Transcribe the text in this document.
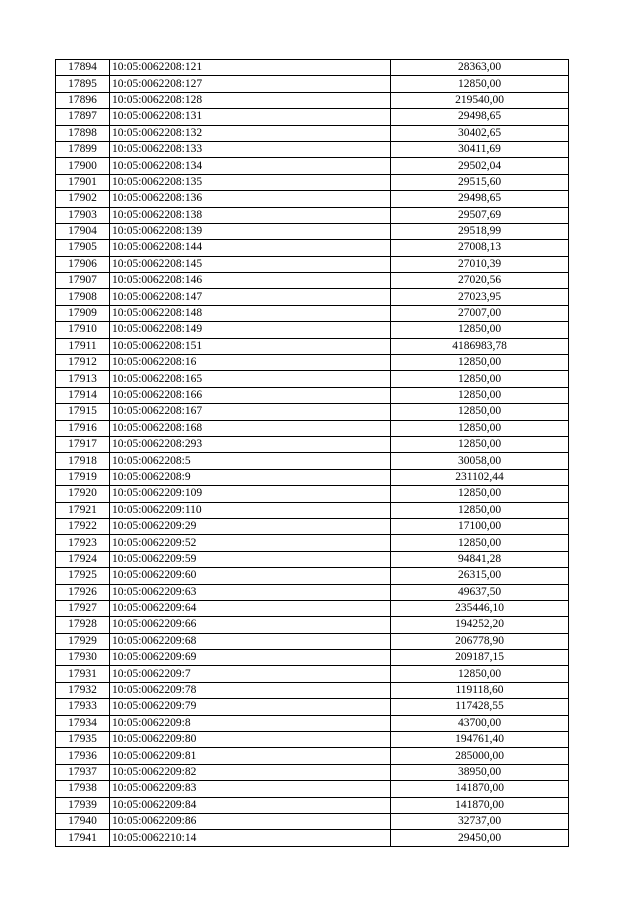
17894	10:05:0062208:121	28363,00
17895	10:05:0062208:127	12850,00
17896	10:05:0062208:128	219540,00
17897	10:05:0062208:131	29498,65
17898	10:05:0062208:132	30402,65
17899	10:05:0062208:133	30411,69
17900	10:05:0062208:134	29502,04
17901	10:05:0062208:135	29515,60
17902	10:05:0062208:136	29498,65
17903	10:05:0062208:138	29507,69
17904	10:05:0062208:139	29518,99
17905	10:05:0062208:144	27008,13
17906	10:05:0062208:145	27010,39
17907	10:05:0062208:146	27020,56
17908	10:05:0062208:147	27023,95
17909	10:05:0062208:148	27007,00
17910	10:05:0062208:149	12850,00
17911	10:05:0062208:151	4186983,78
17912	10:05:0062208:16	12850,00
17913	10:05:0062208:165	12850,00
17914	10:05:0062208:166	12850,00
17915	10:05:0062208:167	12850,00
17916	10:05:0062208:168	12850,00
17917	10:05:0062208:293	12850,00
17918	10:05:0062208:5	30058,00
17919	10:05:0062208:9	231102,44
17920	10:05:0062209:109	12850,00
17921	10:05:0062209:110	12850,00
17922	10:05:0062209:29	17100,00
17923	10:05:0062209:52	12850,00
17924	10:05:0062209:59	94841,28
17925	10:05:0062209:60	26315,00
17926	10:05:0062209:63	49637,50
17927	10:05:0062209:64	235446,10
17928	10:05:0062209:66	194252,20
17929	10:05:0062209:68	206778,90
17930	10:05:0062209:69	209187,15
17931	10:05:0062209:7	12850,00
17932	10:05:0062209:78	119118,60
17933	10:05:0062209:79	117428,55
17934	10:05:0062209:8	43700,00
17935	10:05:0062209:80	194761,40
17936	10:05:0062209:81	285000,00
17937	10:05:0062209:82	38950,00
17938	10:05:0062209:83	141870,00
17939	10:05:0062209:84	141870,00
17940	10:05:0062209:86	32737,00
17941	10:05:0062210:14	29450,00
